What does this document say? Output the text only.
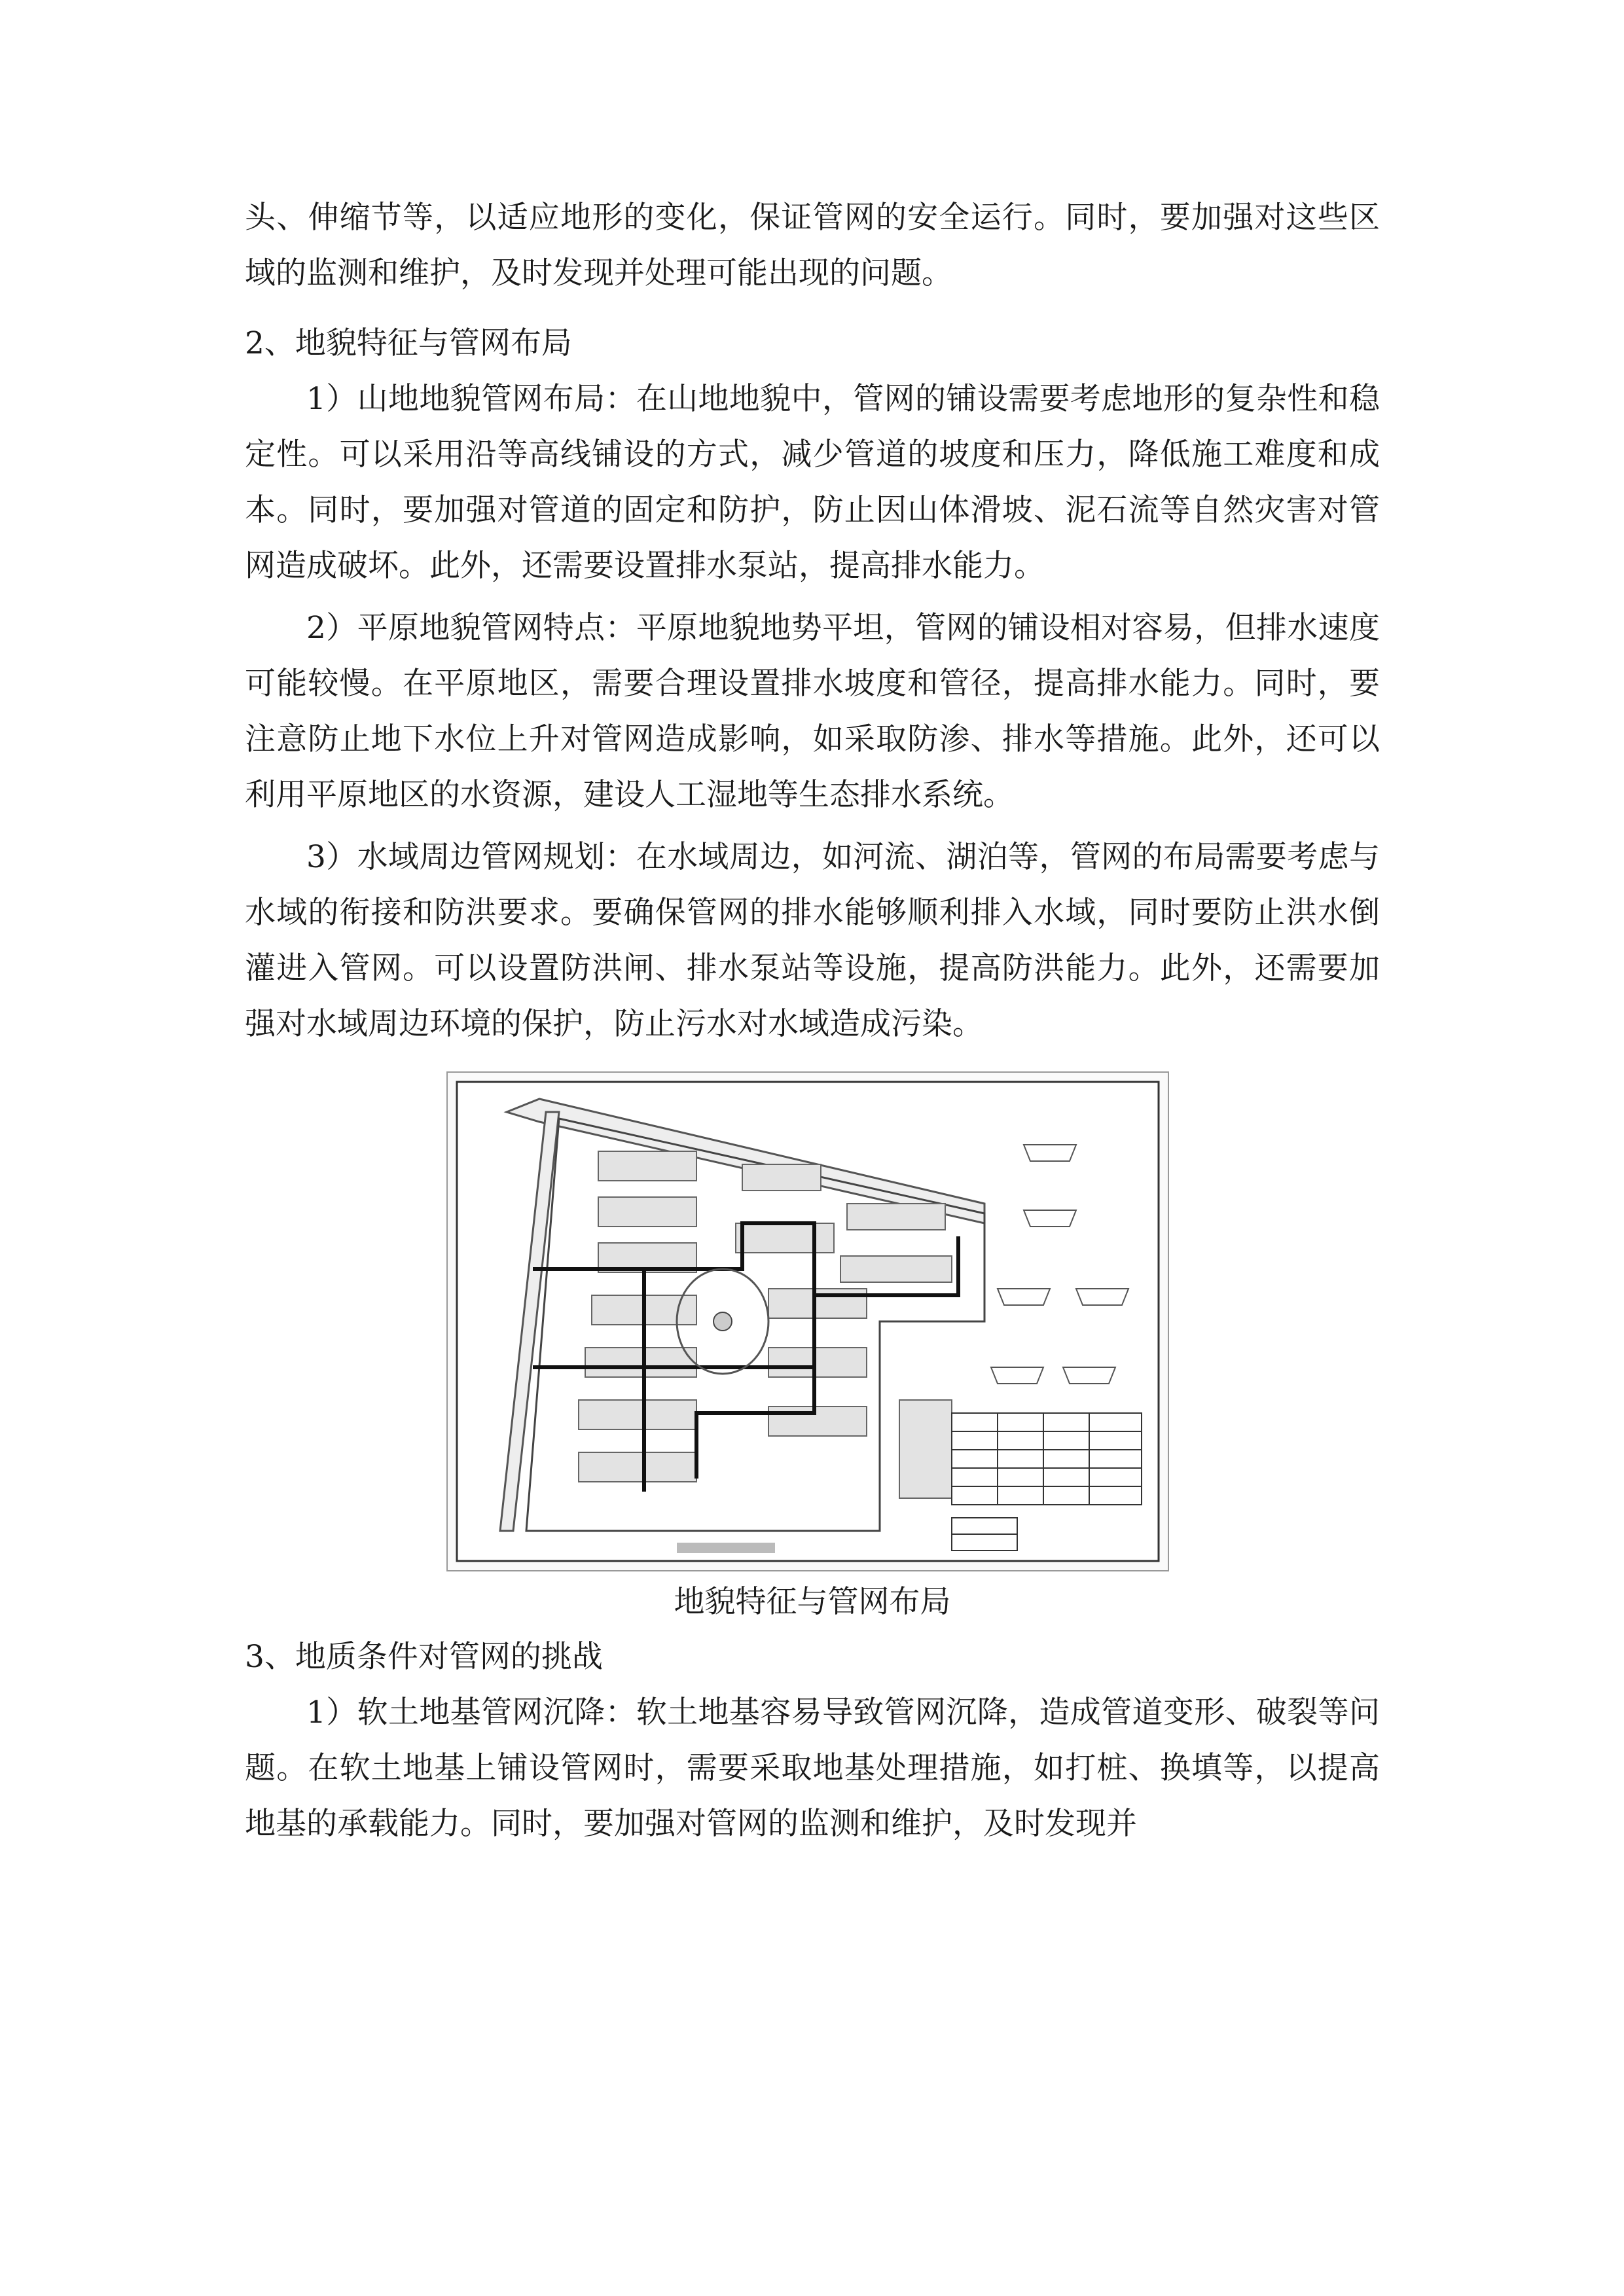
头、伸缩节等，以适应地形的变化，保证管网的安全运行。同时，要加强对这些区域的监测和维护，及时发现并处理可能出现的问题。

2、地貌特征与管网布局

1）山地地貌管网布局：在山地地貌中，管网的铺设需要考虑地形的复杂性和稳定性。可以采用沿等高线铺设的方式，减少管道的坡度和压力，降低施工难度和成本。同时，要加强对管道的固定和防护，防止因山体滑坡、泥石流等自然灾害对管网造成破坏。此外，还需要设置排水泵站，提高排水能力。

2）平原地貌管网特点：平原地貌地势平坦，管网的铺设相对容易，但排水速度可能较慢。在平原地区，需要合理设置排水坡度和管径，提高排水能力。同时，要注意防止地下水位上升对管网造成影响，如采取防渗、排水等措施。此外，还可以利用平原地区的水资源，建设人工湿地等生态排水系统。

3）水域周边管网规划：在水域周边，如河流、湖泊等，管网的布局需要考虑与水域的衔接和防洪要求。要确保管网的排水能够顺利排入水域，同时要防止洪水倒灌进入管网。可以设置防洪闸、排水泵站等设施，提高防洪能力。此外，还需要加强对水域周边环境的保护，防止污水对水域造成污染。

地貌特征与管网布局

3、地质条件对管网的挑战

1）软土地基管网沉降：软土地基容易导致管网沉降，造成管道变形、破裂等问题。在软土地基上铺设管网时，需要采取地基处理措施，如打桩、换填等，以提高地基的承载能力。同时，要加强对管网的监测和维护，及时发现并
